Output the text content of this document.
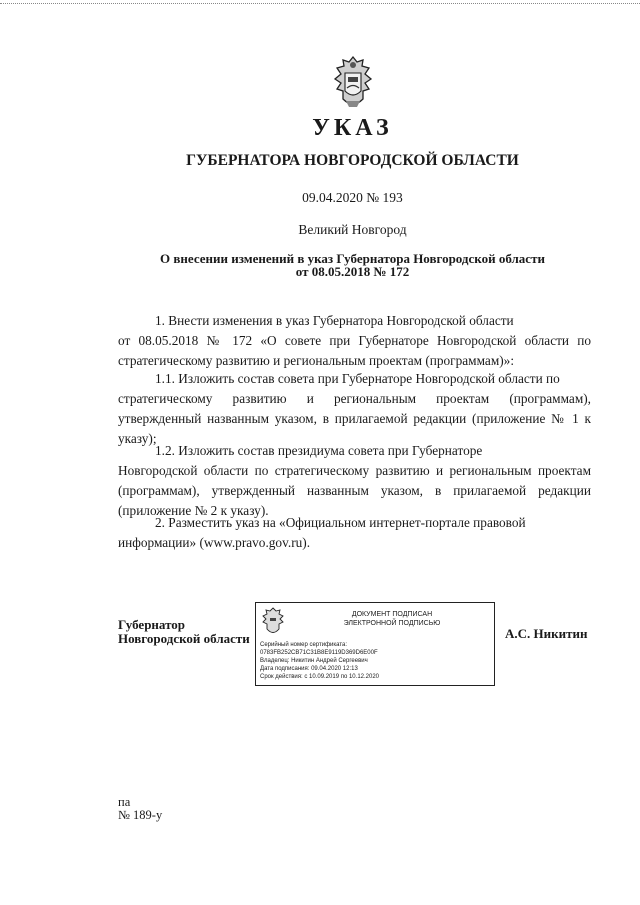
УКАЗ
ГУБЕРНАТОРА НОВГОРОДСКОЙ ОБЛАСТИ
09.04.2020 № 193
Великий Новгород
О внесении изменений в указ Губернатора Новгородской области
от 08.05.2018 № 172
1. Внести изменения в указ Губернатора Новгородской области
от 08.05.2018 № 172 «О совете при Губернаторе Новгородской области по стратегическому развитию и региональным проектам (программам)»:
1.1. Изложить состав совета при Губернаторе Новгородской области по
стратегическому развитию и региональным проектам (программам), утвержденный названным указом, в прилагаемой редакции (приложение № 1 к указу);
1.2. Изложить состав президиума совета при Губернаторе
Новгородской области по стратегическому развитию и региональным проектам (программам), утвержденный названным указом, в прилагаемой редакции (приложение № 2 к указу).
2. Разместить указ на «Официальном интернет-портале правовой
информации» (www.pravo.gov.ru).
Губернатор
Новгородской области
ДОКУМЕНТ ПОДПИСАН
ЭЛЕКТРОННОЙ ПОДПИСЬЮ
Серийный номер сертификата:
0783FB252CB71C31B8E9119D369D6E00F
Владелец: Никитин Андрей Сергеевич
Дата подписания: 09.04.2020 12:13
Срок действия: с 10.09.2019 по 10.12.2020
А.С. Никитин
па
№ 189-у
